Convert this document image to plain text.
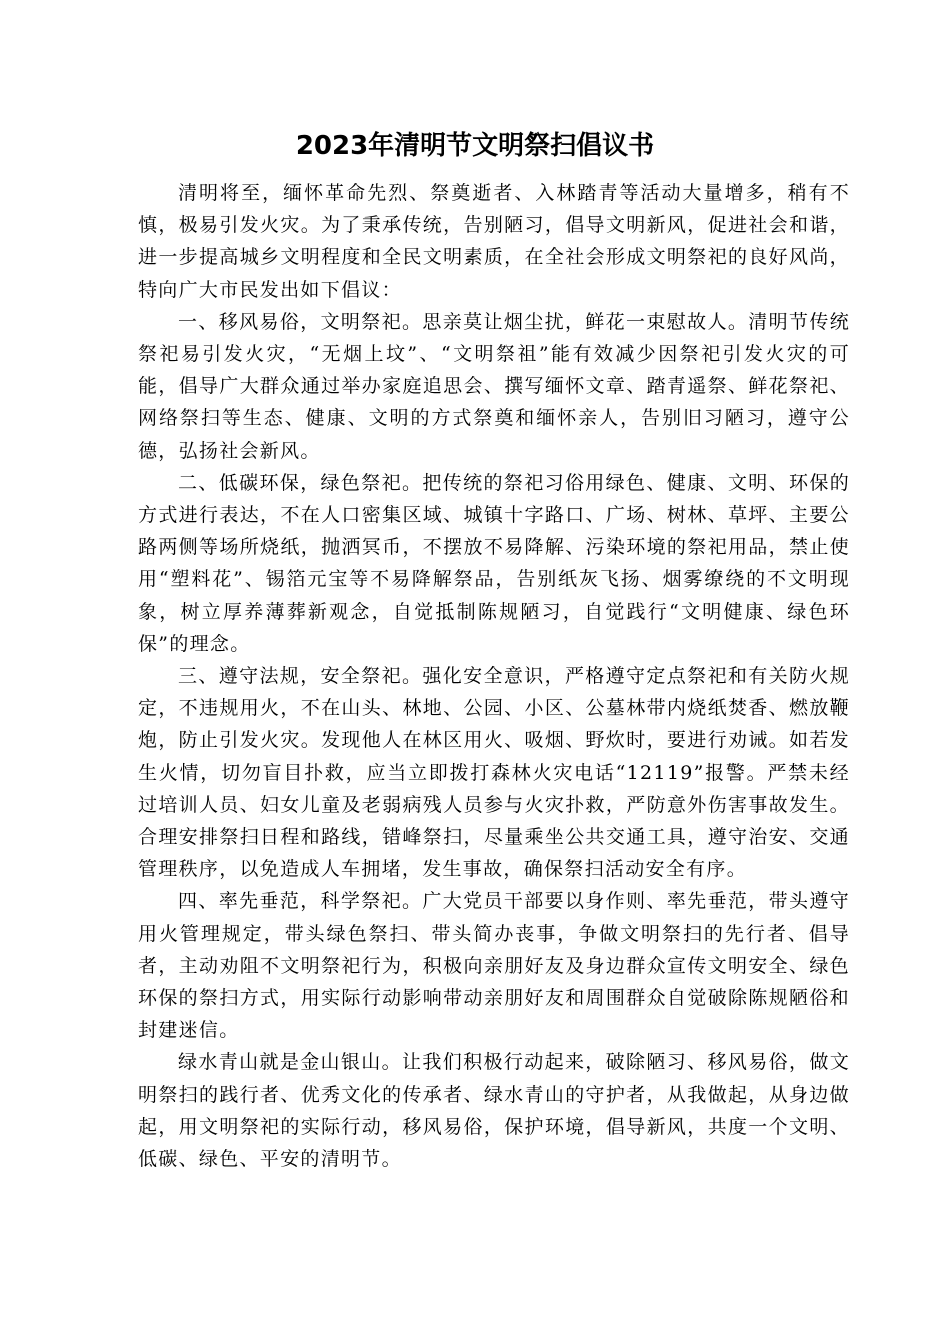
2023年清明节文明祭扫倡议书

清明将至，缅怀革命先烈、祭奠逝者、入林踏青等活动大量增多，稍有不慎，极易引发火灾。为了秉承传统，告别陋习，倡导文明新风，促进社会和谐，进一步提高城乡文明程度和全民文明素质，在全社会形成文明祭祀的良好风尚，特向广大市民发出如下倡议：

一、移风易俗，文明祭祀。思亲莫让烟尘扰，鲜花一束慰故人。清明节传统祭祀易引发火灾，“无烟上坟”、“文明祭祖”能有效减少因祭祀引发火灾的可能，倡导广大群众通过举办家庭追思会、撰写缅怀文章、踏青遥祭、鲜花祭祀、网络祭扫等生态、健康、文明的方式祭奠和缅怀亲人，告别旧习陋习，遵守公德，弘扬社会新风。

二、低碳环保，绿色祭祀。把传统的祭祀习俗用绿色、健康、文明、环保的方式进行表达，不在人口密集区域、城镇十字路口、广场、树林、草坪、主要公路两侧等场所烧纸，抛洒冥币，不摆放不易降解、污染环境的祭祀用品，禁止使用“塑料花”、锡箔元宝等不易降解祭品，告别纸灰飞扬、烟雾缭绕的不文明现象，树立厚养薄葬新观念，自觉抵制陈规陋习，自觉践行“文明健康、绿色环保”的理念。

三、遵守法规，安全祭祀。强化安全意识，严格遵守定点祭祀和有关防火规定，不违规用火，不在山头、林地、公园、小区、公墓林带内烧纸焚香、燃放鞭炮，防止引发火灾。发现他人在林区用火、吸烟、野炊时，要进行劝诫。如若发生火情，切勿盲目扑救，应当立即拨打森林火灾电话“12119”报警。严禁未经过培训人员、妇女儿童及老弱病残人员参与火灾扑救，严防意外伤害事故发生。合理安排祭扫日程和路线，错峰祭扫，尽量乘坐公共交通工具，遵守治安、交通管理秩序，以免造成人车拥堵，发生事故，确保祭扫活动安全有序。

四、率先垂范，科学祭祀。广大党员干部要以身作则、率先垂范，带头遵守用火管理规定，带头绿色祭扫、带头简办丧事，争做文明祭扫的先行者、倡导者，主动劝阻不文明祭祀行为，积极向亲朋好友及身边群众宣传文明安全、绿色环保的祭扫方式，用实际行动影响带动亲朋好友和周围群众自觉破除陈规陋俗和封建迷信。

绿水青山就是金山银山。让我们积极行动起来，破除陋习、移风易俗，做文明祭扫的践行者、优秀文化的传承者、绿水青山的守护者，从我做起，从身边做起，用文明祭祀的实际行动，移风易俗，保护环境，倡导新风，共度一个文明、低碳、绿色、平安的清明节。
